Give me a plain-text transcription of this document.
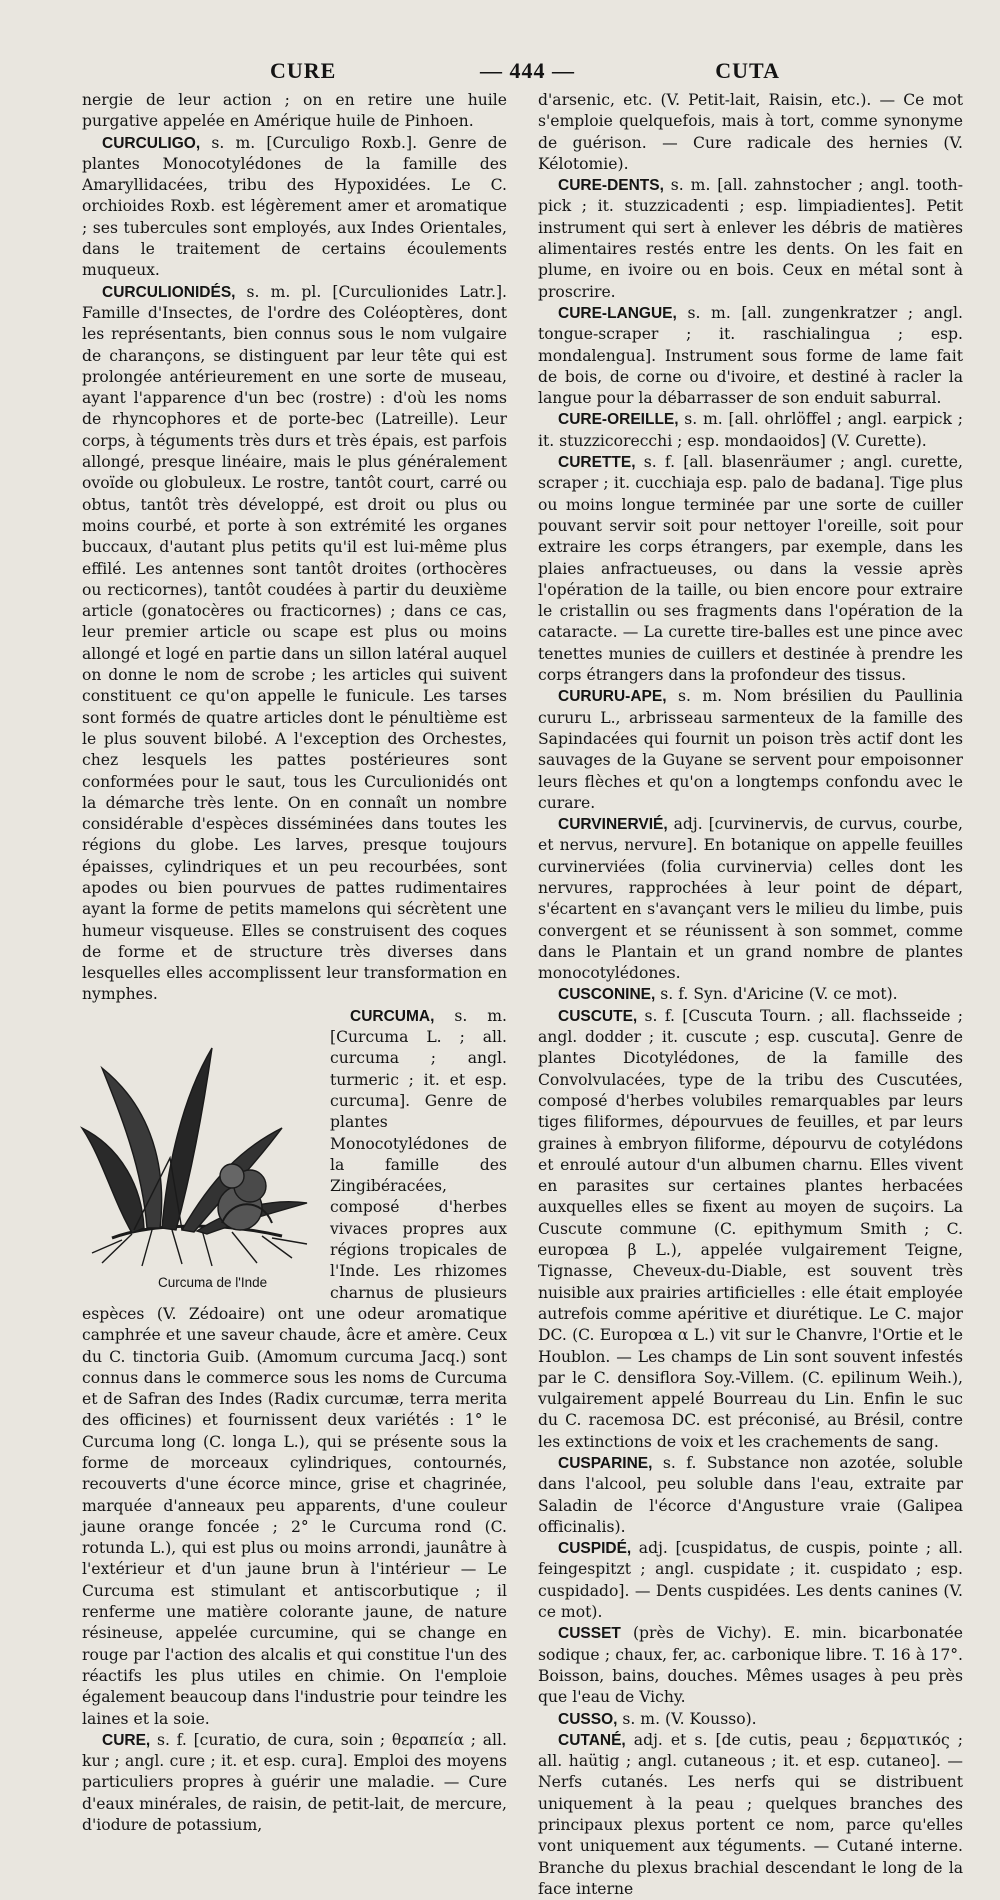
CURE	— 444 —	CUTA

nergie de leur action ; on en retire une huile purgative appelée en Amérique huile de Pinhoen.

CURCULIGO, s. m. [Curculigo Roxb.]. Genre de plantes Monocotylédones de la famille des Amaryllidacées, tribu des Hypoxidées. Le C. orchioides Roxb. est légèrement amer et aromatique ; ses tubercules sont employés, aux Indes Orientales, dans le traitement de certains écoulements muqueux.

CURCULIONIDÉS, s. m. pl. [Curculionides Latr.]. Famille d'Insectes, de l'ordre des Coléoptères, dont les représentants, bien connus sous le nom vulgaire de charançons, se distinguent par leur tête qui est prolongée antérieurement en une sorte de museau, ayant l'apparence d'un bec (rostre) : d'où les noms de rhyncophores et de porte-bec (Latreille). Leur corps, à téguments très durs et très épais, est parfois allongé, presque linéaire, mais le plus généralement ovoïde ou globuleux. Le rostre, tantôt court, carré ou obtus, tantôt très développé, est droit ou plus ou moins courbé, et porte à son extrémité les organes buccaux, d'autant plus petits qu'il est lui-même plus effilé. Les antennes sont tantôt droites (orthocères ou recticornes), tantôt coudées à partir du deuxième article (gonatocères ou fracticornes) ; dans ce cas, leur premier article ou scape est plus ou moins allongé et logé en partie dans un sillon latéral auquel on donne le nom de scrobe ; les articles qui suivent constituent ce qu'on appelle le funicule. Les tarses sont formés de quatre articles dont le pénultième est le plus souvent bilobé. A l'exception des Orchestes, chez lesquels les pattes postérieures sont conformées pour le saut, tous les Curculionidés ont la démarche très lente. On en connaît un nombre considérable d'espèces disséminées dans toutes les régions du globe. Les larves, presque toujours épaisses, cylindriques et un peu recourbées, sont apodes ou bien pourvues de pattes rudimentaires ayant la forme de petits mamelons qui sécrètent une humeur visqueuse. Elles se construisent des coques de forme et de structure très diverses dans lesquelles elles accomplissent leur transformation en nymphes.

Curcuma de l'Inde
CURCUMA, s. m. [Curcuma L. ; all. curcuma ; angl. turmeric ; it. et esp. curcuma]. Genre de plantes Monocotylédones de la famille des Zingibéracées, composé d'herbes vivaces propres aux régions tropicales de l'Inde. Les rhizomes charnus de plusieurs espèces (V. Zédoaire) ont une odeur aromatique camphrée et une saveur chaude, âcre et amère. Ceux du C. tinctoria Guib. (Amomum curcuma Jacq.) sont connus dans le commerce sous les noms de Curcuma et de Safran des Indes (Radix curcumæ, terra merita des officines) et fournissent deux variétés : 1° le Curcuma long (C. longa L.), qui se présente sous la forme de morceaux cylindriques, contournés, recouverts d'une écorce mince, grise et chagrinée, marquée d'anneaux peu apparents, d'une couleur jaune orange foncée ; 2° le Curcuma rond (C. rotunda L.), qui est plus ou moins arrondi, jaunâtre à l'extérieur et d'un jaune brun à l'intérieur — Le Curcuma est stimulant et antiscorbutique ; il renferme une matière colorante jaune, de nature résineuse, appelée curcumine, qui se change en rouge par l'action des alcalis et qui constitue l'un des réactifs les plus utiles en chimie. On l'emploie également beaucoup dans l'industrie pour teindre les laines et la soie.

CURE, s. f. [curatio, de cura, soin ; θεραπεία ; all. kur ; angl. cure ; it. et esp. cura]. Emploi des moyens particuliers propres à guérir une maladie. — Cure d'eaux minérales, de raisin, de petit-lait, de mercure, d'iodure de potassium,

d'arsenic, etc. (V. Petit-lait, Raisin, etc.). — Ce mot s'emploie quelquefois, mais à tort, comme synonyme de guérison. — Cure radicale des hernies (V. Kélotomie).

CURE-DENTS, s. m. [all. zahnstocher ; angl. tooth-pick ; it. stuzzicadenti ; esp. limpiadientes]. Petit instrument qui sert à enlever les débris de matières alimentaires restés entre les dents. On les fait en plume, en ivoire ou en bois. Ceux en métal sont à proscrire.

CURE-LANGUE, s. m. [all. zungenkratzer ; angl. tongue-scraper ; it. raschialingua ; esp. mondalengua]. Instrument sous forme de lame fait de bois, de corne ou d'ivoire, et destiné à racler la langue pour la débarrasser de son enduit saburral.

CURE-OREILLE, s. m. [all. ohrlöffel ; angl. earpick ; it. stuzzicorecchi ; esp. mondaoidos] (V. Curette).

CURETTE, s. f. [all. blasenräumer ; angl. curette, scraper ; it. cucchiaja esp. palo de badana]. Tige plus ou moins longue terminée par une sorte de cuiller pouvant servir soit pour nettoyer l'oreille, soit pour extraire les corps étrangers, par exemple, dans les plaies anfractueuses, ou dans la vessie après l'opération de la taille, ou bien encore pour extraire le cristallin ou ses fragments dans l'opération de la cataracte. — La curette tire-balles est une pince avec tenettes munies de cuillers et destinée à prendre les corps étrangers dans la profondeur des tissus.

CURURU-APE, s. m. Nom brésilien du Paullinia cururu L., arbrisseau sarmenteux de la famille des Sapindacées qui fournit un poison très actif dont les sauvages de la Guyane se servent pour empoisonner leurs flèches et qu'on a longtemps confondu avec le curare.

CURVINERVIÉ, adj. [curvinervis, de curvus, courbe, et nervus, nervure]. En botanique on appelle feuilles curvinerviées (folia curvinervia) celles dont les nervures, rapprochées à leur point de départ, s'écartent en s'avançant vers le milieu du limbe, puis convergent et se réunissent à son sommet, comme dans le Plantain et un grand nombre de plantes monocotylédones.

CUSCONINE, s. f. Syn. d'Aricine (V. ce mot).

CUSCUTE, s. f. [Cuscuta Tourn. ; all. flachsseide ; angl. dodder ; it. cuscute ; esp. cuscuta]. Genre de plantes Dicotylédones, de la famille des Convolvulacées, type de la tribu des Cuscutées, composé d'herbes volubiles remarquables par leurs tiges filiformes, dépourvues de feuilles, et par leurs graines à embryon filiforme, dépourvu de cotylédons et enroulé autour d'un albumen charnu. Elles vivent en parasites sur certaines plantes herbacées auxquelles elles se fixent au moyen de suçoirs. La Cuscute commune (C. epithymum Smith ; C. europœa β L.), appelée vulgairement Teigne, Tignasse, Cheveux-du-Diable, est souvent très nuisible aux prairies artificielles : elle était employée autrefois comme apéritive et diurétique. Le C. major DC. (C. Europœa α L.) vit sur le Chanvre, l'Ortie et le Houblon. — Les champs de Lin sont souvent infestés par le C. densiflora Soy.-Villem. (C. epilinum Weih.), vulgairement appelé Bourreau du Lin. Enfin le suc du C. racemosa DC. est préconisé, au Brésil, contre les extinctions de voix et les crachements de sang.

CUSPARINE, s. f. Substance non azotée, soluble dans l'alcool, peu soluble dans l'eau, extraite par Saladin de l'écorce d'Angusture vraie (Galipea officinalis).

CUSPIDÉ, adj. [cuspidatus, de cuspis, pointe ; all. feingespitzt ; angl. cuspidate ; it. cuspidato ; esp. cuspidado]. — Dents cuspidées. Les dents canines (V. ce mot).

CUSSET (près de Vichy). E. min. bicarbonatée sodique ; chaux, fer, ac. carbonique libre. T. 16 à 17°. Boisson, bains, douches. Mêmes usages à peu près que l'eau de Vichy.

CUSSO, s. m. (V. Kousso).

CUTANÉ, adj. et s. [de cutis, peau ; δερματικός ; all. haütig ; angl. cutaneous ; it. et esp. cutaneo]. — Nerfs cutanés. Les nerfs qui se distribuent uniquement à la peau ; quelques branches des principaux plexus portent ce nom, parce qu'elles vont uniquement aux téguments. — Cutané interne. Branche du plexus brachial descendant le long de la face interne
